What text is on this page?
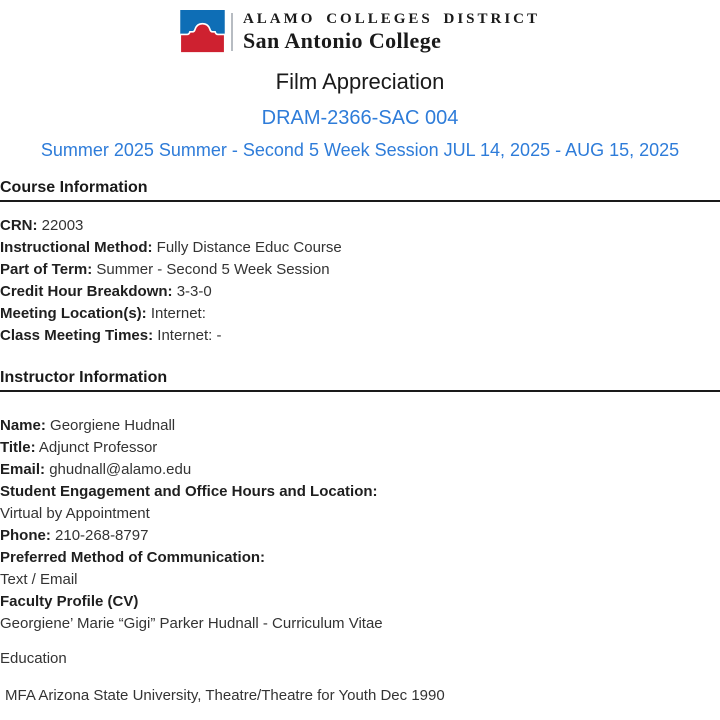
ALAMO COLLEGES DISTRICT
San Antonio College
Film Appreciation
DRAM-2366-SAC 004
Summer 2025 Summer - Second 5 Week Session JUL 14, 2025 - AUG 15, 2025
Course Information
CRN: 22003
Instructional Method: Fully Distance Educ Course
Part of Term: Summer - Second 5 Week Session
Credit Hour Breakdown: 3-3-0
Meeting Location(s): Internet:
Class Meeting Times: Internet: -
Instructor Information
Name: Georgiene Hudnall
Title: Adjunct Professor
Email: ghudnall@alamo.edu
Student Engagement and Office Hours and Location:
Virtual by Appointment
Phone: 210-268-8797
Preferred Method of Communication:
Text / Email
Faculty Profile (CV)
Georgiene’ Marie “Gigi” Parker Hudnall - Curriculum Vitae
Education
MFA Arizona State University, Theatre/Theatre for Youth Dec 1990
